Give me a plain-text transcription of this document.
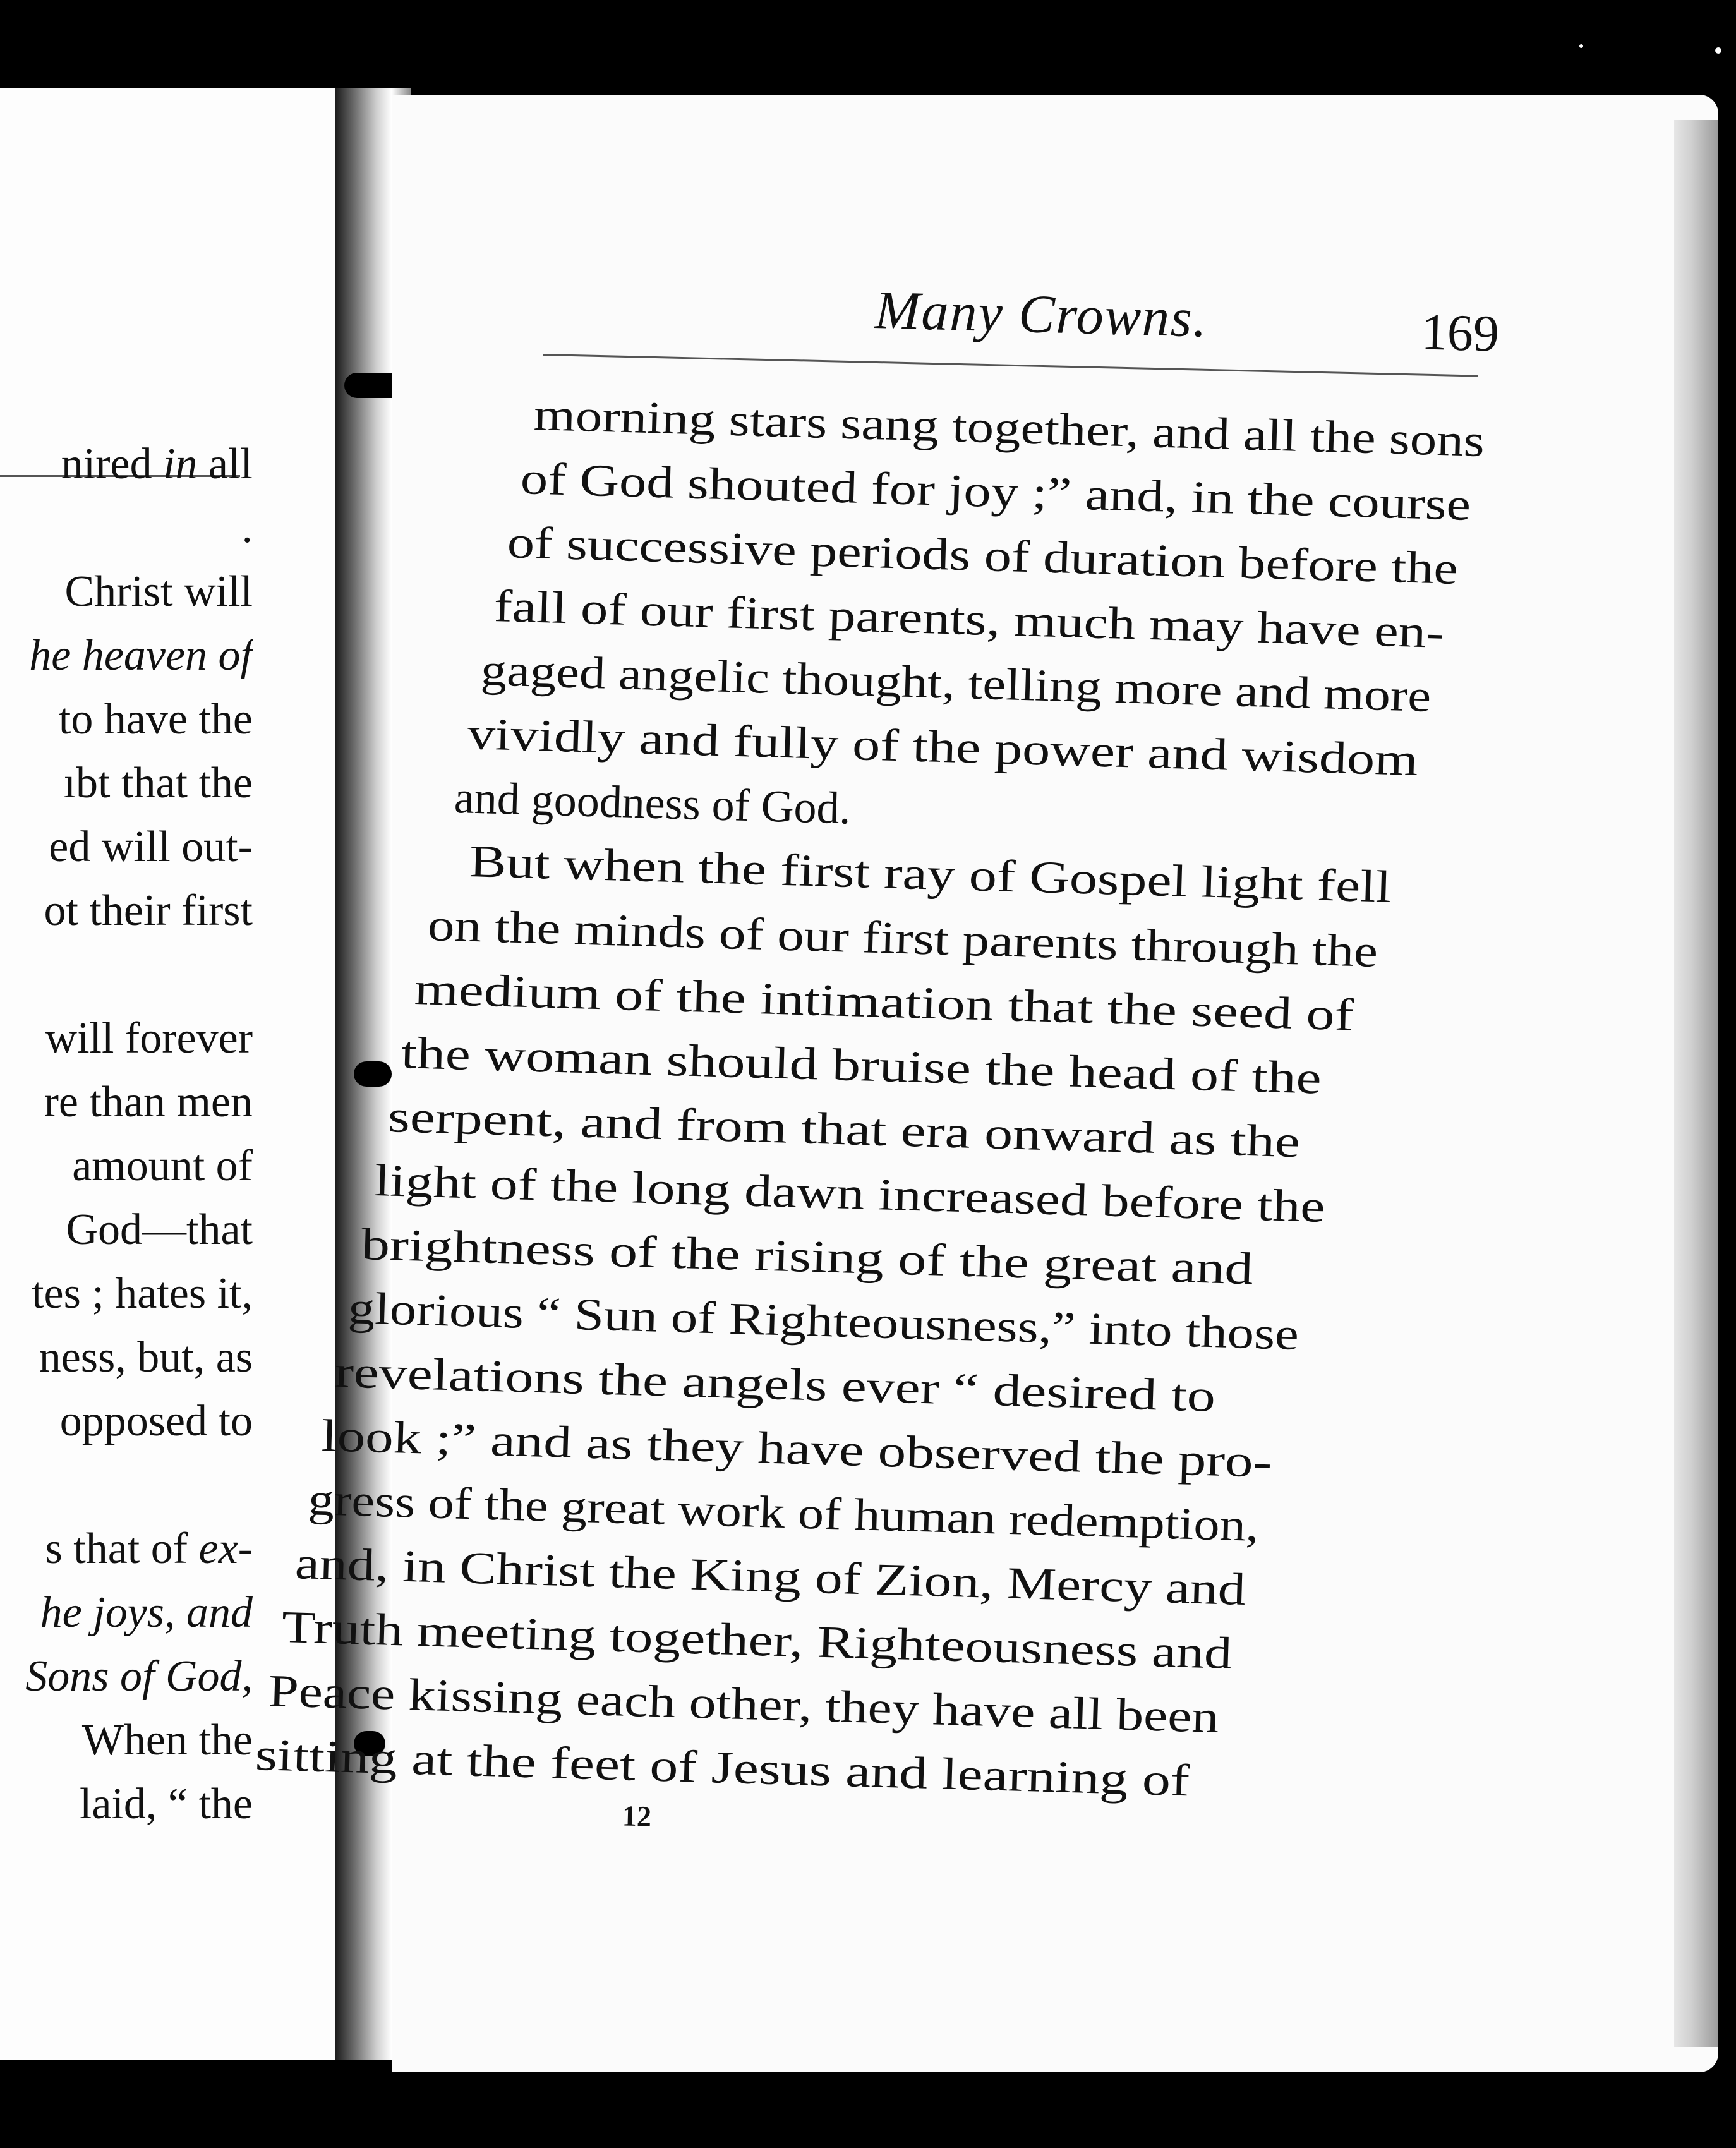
nired in all
.
Christ will
he heaven of
to have the
ıbt that the
ed will out-
ot their first
will forever
re than men
amount of
God—that
tes ; hates it,
ness, but, as
opposed to
s that of ex-
he joys, and
Sons of God,
When the
laid, “ the
Many Crowns.	169
morning stars sang together, and all the sons
of God shouted for joy ;” and, in the course
of successive periods of duration before the
fall of our first parents, much may have en-
gaged angelic thought, telling more and more
vividly and fully of the power and wisdom
and goodness of God.
But when the first ray of Gospel light fell
on the minds of our first parents through the
medium of the intimation that the seed of
the woman should bruise the head of the
serpent, and from that era onward as the
light of the long dawn increased before the
brightness of the rising of the great and
glorious “ Sun of Righteousness,” into those
revelations the angels ever “ desired to
look ;” and as they have observed the pro-
gress of the great work of human redemption,
and, in Christ the King of Zion, Mercy and
Truth meeting together, Righteousness and
Peace kissing each other, they have all been
sitting at the feet of Jesus and learning of
12
